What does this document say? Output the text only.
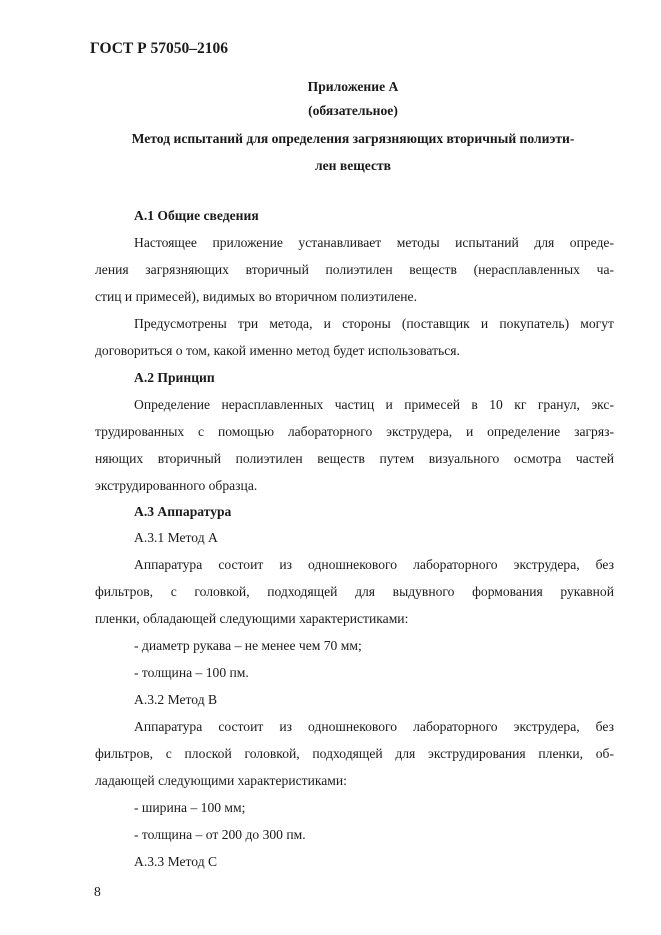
ГОСТ Р 57050–2106
Приложение А
(обязательное)
Метод испытаний для определения загрязняющих вторичный полиэти-
лен веществ
А.1 Общие сведения
Настоящее приложение устанавливает методы испытаний для опреде-
ления загрязняющих вторичный полиэтилен веществ (нерасплавленных ча-
стиц и примесей), видимых во вторичном полиэтилене.
Предусмотрены три метода, и стороны (поставщик и покупатель) могут
договориться о том, какой именно метод будет использоваться.
А.2 Принцип
Определение нерасплавленных частиц и примесей в 10 кг гранул, экс-
трудированных с помощью лабораторного экструдера, и определение загряз-
няющих вторичный полиэтилен веществ путем визуального осмотра частей
экструдированного образца.
А.3 Аппаратура
А.3.1 Метод А
Аппаратура состоит из одношнекового лабораторного экструдера, без
фильтров, с головкой, подходящей для выдувного формования рукавной
пленки, обладающей следующими характеристиками:
- диаметр рукава – не менее чем 70 мм;
- толщина – 100 пм.
А.3.2 Метод В
Аппаратура состоит из одношнекового лабораторного экструдера, без
фильтров, с плоской головкой, подходящей для экструдирования пленки, об-
ладающей следующими характеристиками:
- ширина – 100 мм;
- толщина – от 200 до 300 пм.
А.3.3 Метод С
8
